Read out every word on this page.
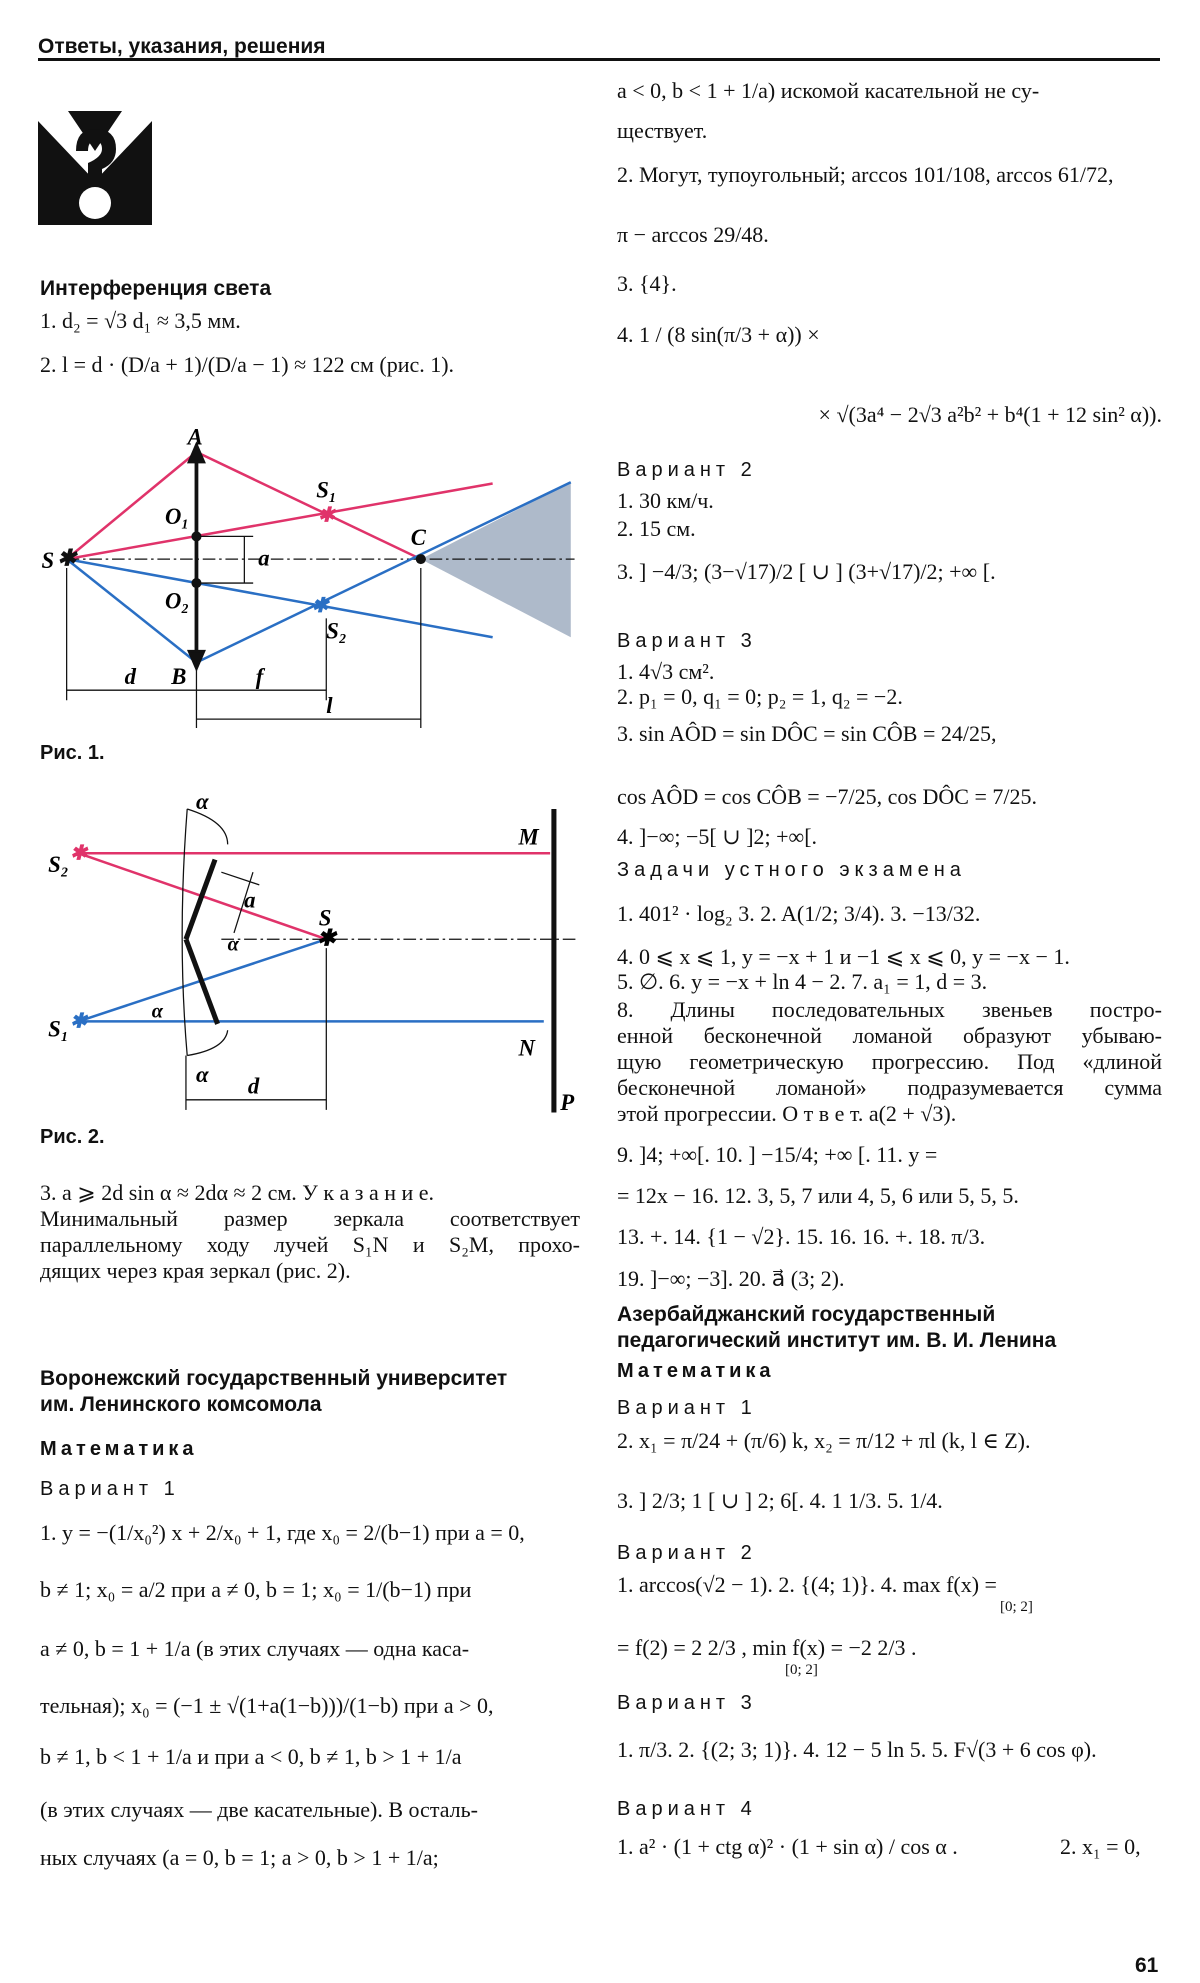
Ответы, указания, решения
Интерференция света
1. d₂ = √3 d₁ ≈ 3,5 мм.
2. l = d · (D/a + 1)/(D/a − 1) ≈ 122 см (рис. 1).
✱
✱
✱
A
S₁
O₁
S
C
a
O₂
S₂
d B	f
l
Рис. 1.
✱
✱
✱
α
S₂
M
a
α
S
α
S₁
N
α d
P
Рис. 2.
3. a ⩾ 2d sin α ≈ 2dα ≈ 2 см. У к а з а н и е.
Минимальный размер зеркала соответствует
параллельному ходу лучей S₁N и S₂M, прохо-
дящих через края зеркал (рис. 2).
Воронежский государственный университет
им. Ленинского комсомола
Математика
Вариант 1
1. y = −(1/x₀²) x + 2/x₀ + 1, где x₀ = 2/(b−1) при a = 0,
b ≠ 1; x₀ = a/2 при a ≠ 0, b = 1; x₀ = 1/(b−1) при
a ≠ 0, b = 1 + 1/a (в этих случаях — одна каса-
тельная); x₀ = (−1 ± √(1+a(1−b)))/(1−b) при a > 0,
b ≠ 1, b < 1 + 1/a и при a < 0, b ≠ 1, b > 1 + 1/a
(в этих случаях — две касательные). В осталь-
ных случаях (a = 0, b = 1; a > 0, b > 1 + 1/a;
a < 0, b < 1 + 1/a) искомой касательной не су-
ществует.
2. Могут, тупоугольный; arccos 101/108, arccos 61/72,
π − arccos 29/48.
3. {4}.
4. 1 / (8 sin(π/3 + α)) ×
× √(3a⁴ − 2√3 a²b² + b⁴(1 + 12 sin² α)).
Вариант 2
1. 30 км/ч.
2. 15 см.
3. ] −4/3; (3−√17)/2 [ ∪ ] (3+√17)/2; +∞ [.
Вариант 3
1. 4√3 см².
2. p₁ = 0, q₁ = 0; p₂ = 1, q₂ = −2.
3. sin AÔD = sin DÔC = sin CÔB = 24/25,
cos AÔD = cos CÔB = −7/25, cos DÔC = 7/25.
4. ]−∞; −5[ ∪ ]2; +∞[.
Задачи устного экзамена
1. 401² · log₂ 3. 2. A(1/2; 3/4). 3. −13/32.
4. 0 ⩽ x ⩽ 1, y = −x + 1 и −1 ⩽ x ⩽ 0, y = −x − 1.
5. ∅. 6. y = −x + ln 4 − 2. 7. a₁ = 1, d = 3.
8. Длины последовательных звеньев постро-
енной бесконечной ломаной образуют убываю-
щую геометрическую прогрессию. Под «длиной
бесконечной ломаной» подразумевается сумма
этой прогрессии. О т в е т. a(2 + √3).
9. ]4; +∞[. 10. ] −15/4; +∞ [. 11. y =
= 12x − 16. 12. 3, 5, 7 или 4, 5, 6 или 5, 5, 5.
13. +. 14. {1 − √2}. 15. 16. 16. +. 18. π/3.
19. ]−∞; −3]. 20. a⃗ (3; 2).
Азербайджанский государственный
педагогический институт им. В. И. Ленина
Математика
Вариант 1
2. x₁ = π/24 + (π/6) k, x₂ = π/12 + πl (k, l ∈ Z).
3. ] 2/3; 1 [ ∪ ] 2; 6[. 4. 1 1/3. 5. 1/4.
Вариант 2
1. arccos(√2 − 1). 2. {(4; 1)}. 4. max f(x) =
[0; 2]
= f(2) = 2 2/3 , min f(x) = −2 2/3 .
[0; 2]
Вариант 3
1. π/3. 2. {(2; 3; 1)}. 4. 12 − 5 ln 5. 5. F√(3 + 6 cos φ).
Вариант 4
1. a² · (1 + ctg α)² · (1 + sin α) / cos α .	2. x₁ = 0,
61
